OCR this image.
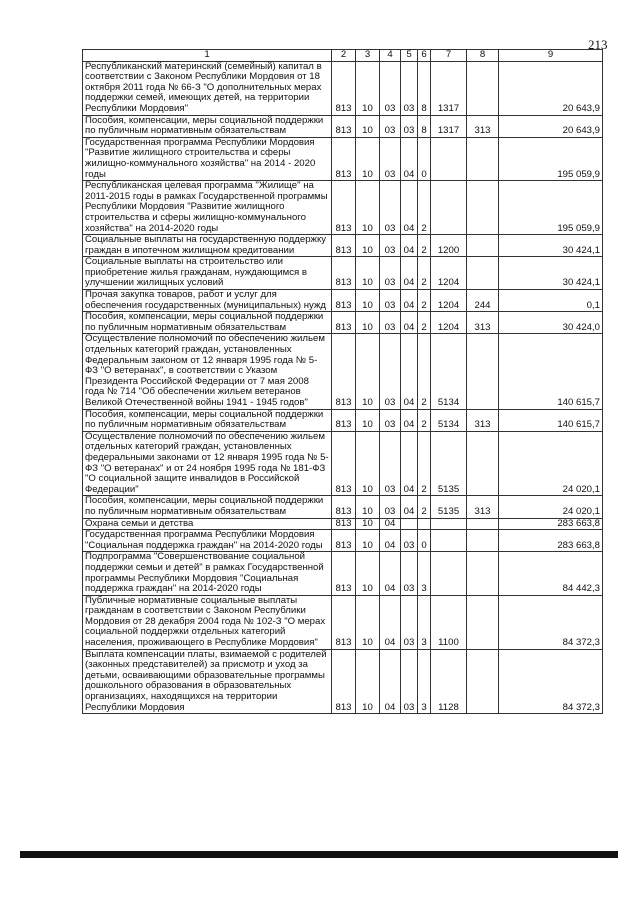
213
1	2	3	4	5	6	7	8	9
Республиканский материнский (семейный) капитал в соответствии с Законом Республики Мордовия от 18 октября 2011 года № 66-З "О дополнительных мерах поддержки семей, имеющих детей, на территории Республики Мордовия"	813	10	03	03	8	1317		20 643,9
Пособия, компенсации, меры социальной поддержки по публичным нормативным обязательствам	813	10	03	03	8	1317	313	20 643,9
Государственная программа Республики Мордовия "Развитие жилищного строительства и сферы жилищно-коммунального хозяйства" на 2014 - 2020 годы	813	10	03	04	0			195 059,9
Республиканская целевая программа "Жилище" на 2011-2015 годы в рамках Государственной программы Республики Мордовия "Развитие жилищного строительства и сферы жилищно-коммунального хозяйства" на 2014-2020 годы	813	10	03	04	2			195 059,9
Социальные выплаты на государственную поддержку граждан в ипотечном жилищном кредитовании	813	10	03	04	2	1200		30 424,1
Социальные выплаты на строительство или приобретение жилья гражданам, нуждающимся в улучшении жилищных условий	813	10	03	04	2	1204		30 424,1
Прочая закупка товаров, работ и услуг для обеспечения государственных (муниципальных) нужд	813	10	03	04	2	1204	244	0,1
Пособия, компенсации, меры социальной поддержки по публичным нормативным обязательствам	813	10	03	04	2	1204	313	30 424,0
Осуществление полномочий по обеспечению жильем отдельных категорий граждан, установленных Федеральным законом от 12 января 1995 года № 5-ФЗ "О ветеранах", в соответствии с Указом Президента Российской Федерации от 7 мая 2008 года № 714 "Об обеспечении жильем ветеранов Великой Отечественной войны 1941 - 1945 годов"	813	10	03	04	2	5134		140 615,7
Пособия, компенсации, меры социальной поддержки по публичным нормативным обязательствам	813	10	03	04	2	5134	313	140 615,7
Осуществление полномочий по обеспечению жильем отдельных категорий граждан, установленных федеральными законами от 12 января 1995 года № 5-ФЗ "О ветеранах" и от 24 ноября 1995 года № 181-ФЗ "О социальной защите инвалидов в Российской Федерации"	813	10	03	04	2	5135		24 020,1
Пособия, компенсации, меры социальной поддержки по публичным нормативным обязательствам	813	10	03	04	2	5135	313	24 020,1
Охрана семьи и детства	813	10	04					283 663,8
Государственная программа Республики Мордовия "Социальная поддержка граждан" на 2014-2020 годы	813	10	04	03	0			283 663,8
Подпрограмма "Совершенствование социальной поддержки семьи и детей" в рамках Государственной программы Республики Мордовия "Социальная поддержка граждан" на 2014-2020 годы	813	10	04	03	3			84 442,3
Публичные нормативные социальные выплаты гражданам в соответствии с Законом Республики Мордовия от 28 декабря 2004 года № 102-З "О мерах социальной поддержки отдельных категорий населения, проживающего в Республике Мордовия"	813	10	04	03	3	1100		84 372,3
Выплата компенсации платы, взимаемой с родителей (законных представителей) за присмотр и уход за детьми, осваивающими образовательные программы дошкольного образования в образовательных организациях, находящихся на территории Республики Мордовия	813	10	04	03	3	1128		84 372,3
